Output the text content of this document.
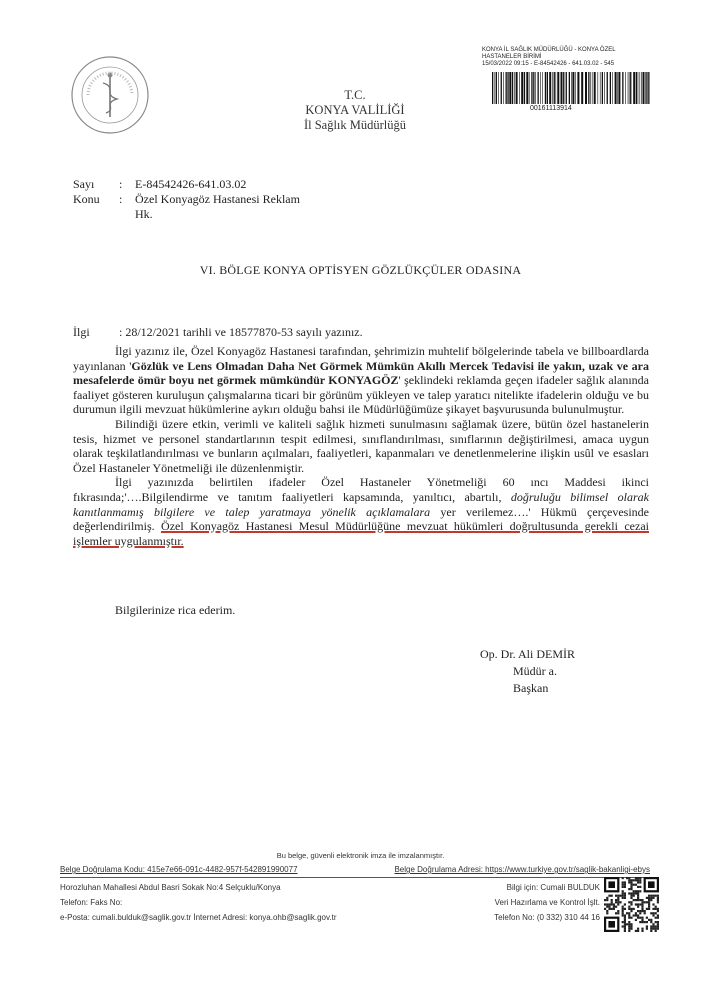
KONYA İL SAĞLIK MÜDÜRLÜĞÜ - KONYA ÖZEL
HASTANELER BİRİMİ
15/03/2022 09:15 - E-84542426 - 641.03.02 - 545
00161113914
T.C.
KONYA VALİLİĞİ
İl Sağlık Müdürlüğü
Sayı	:	E-84542426-641.03.02
Konu	:	Özel Konyagöz Hastanesi Reklam
Hk.
VI. BÖLGE KONYA OPTİSYEN GÖZLÜKÇÜLER ODASINA
İlgi : 28/12/2021 tarihli ve 18577870-53 sayılı yazınız.

İlgi yazınız ile, Özel Konyagöz Hastanesi tarafından, şehrimizin muhtelif bölgelerinde tabela ve billboardlarda yayınlanan 'Gözlük ve Lens Olmadan Daha Net Görmek Mümkün Akıllı Mercek Tedavisi ile yakın, uzak ve ara mesafelerde ömür boyu net görmek mümkündür KONYAGÖZ' şeklindeki reklamda geçen ifadeler sağlık alanında faaliyet gösteren kuruluşun çalışmalarına ticari bir görünüm yükleyen ve talep yaratıcı nitelikte ifadelerin olduğu ve bu durumun ilgili mevzuat hükümlerine aykırı olduğu bahsi ile Müdürlüğümüze şikayet başvurusunda bulunulmuştur.

Bilindiği üzere etkin, verimli ve kaliteli sağlık hizmeti sunulmasını sağlamak üzere, bütün özel hastanelerin tesis, hizmet ve personel standartlarının tespit edilmesi, sınıflandırılması, sınıflarının değiştirilmesi, amaca uygun olarak teşkilatlandırılması ve bunların açılmaları, faaliyetleri, kapanmaları ve denetlenmelerine ilişkin usûl ve esasları Özel Hastaneler Yönetmeliği ile düzenlenmiştir.

İlgi yazınızda belirtilen ifadeler Özel Hastaneler Yönetmeliği 60 ıncı Maddesi ikinci fıkrasında;'….Bilgilendirme ve tanıtım faaliyetleri kapsamında, yanıltıcı, abartılı, doğruluğu bilimsel olarak kanıtlanmamış bilgilere ve talep yaratmaya yönelik açıklamalara yer verilemez….' Hükmü çerçevesinde değerlendirilmiş. Özel Konyagöz Hastanesi Mesul Müdürlüğüne mevzuat hükümleri doğrultusunda gerekli cezai işlemler uygulanmıştır.

Bilgilerinize rica ederim.
Op. Dr. Ali DEMİR
Müdür a.
Başkan
Bu belge, güvenli elektronik imza ile imzalanmıştır.
Belge Doğrulama Kodu: 415e7e66-091c-4482-957f-542891990077	Belge Doğrulama Adresi: https://www.turkiye.gov.tr/saglik-bakanligi-ebys
Horozluhan Mahallesi Abdul Basri Sokak No:4 Selçuklu/Konya	Bilgi için: Cumali BULDUK
Telefon: Faks No:	Veri Hazırlama ve Kontrol İşlt.
e-Posta: cumali.bulduk@saglik.gov.tr İnternet Adresi: konya.ohb@saglik.gov.tr	Telefon No: (0 332) 310 44 16
